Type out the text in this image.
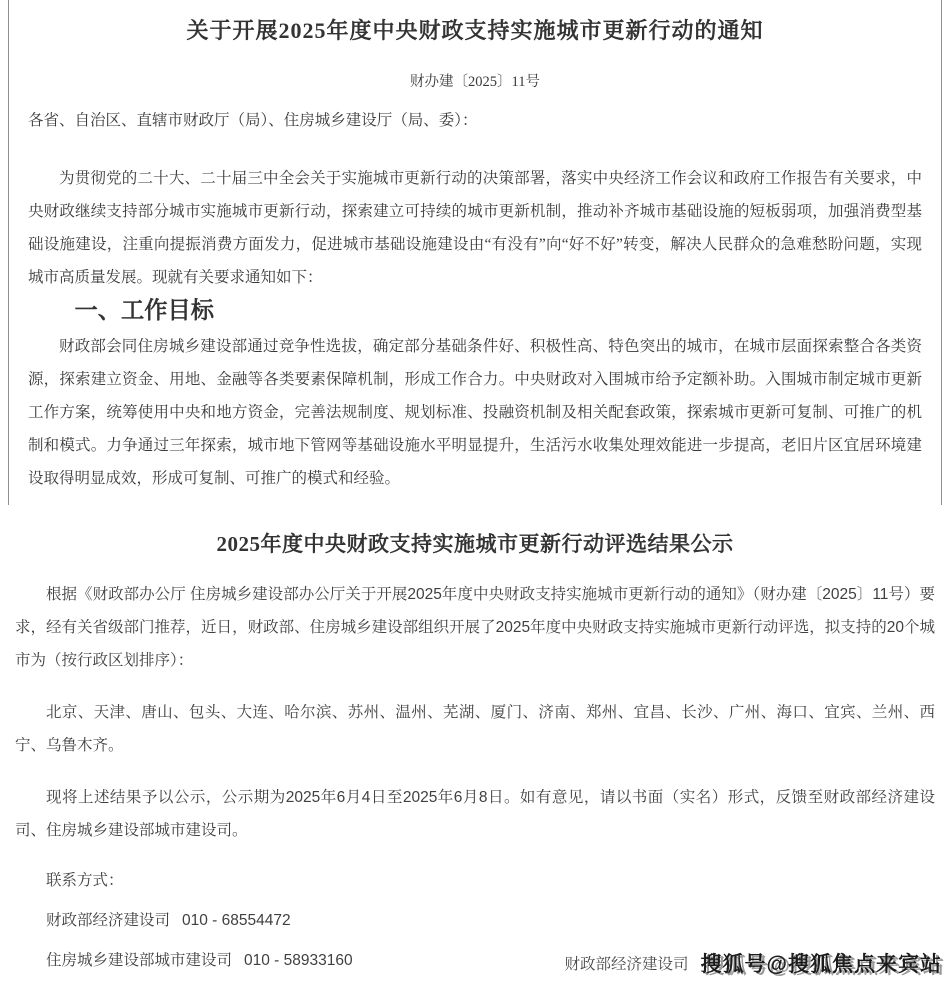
关于开展2025年度中央财政支持实施城市更新行动的通知
财办建〔2025〕11号
各省、自治区、直辖市财政厅（局）、住房城乡建设厅（局、委）：

为贯彻党的二十大、二十届三中全会关于实施城市更新行动的决策部署，落实中央经济工作会议和政府工作报告有关要求，中央财政继续支持部分城市实施城市更新行动，探索建立可持续的城市更新机制，推动补齐城市基础设施的短板弱项，加强消费型基础设施建设，注重向提振消费方面发力，促进城市基础设施建设由“有没有”向“好不好”转变，解决人民群众的急难愁盼问题，实现城市高质量发展。现就有关要求通知如下：

一、工作目标

财政部会同住房城乡建设部通过竞争性选拔，确定部分基础条件好、积极性高、特色突出的城市，在城市层面探索整合各类资源，探索建立资金、用地、金融等各类要素保障机制，形成工作合力。中央财政对入围城市给予定额补助。入围城市制定城市更新工作方案，统筹使用中央和地方资金，完善法规制度、规划标准、投融资机制及相关配套政策，探索城市更新可复制、可推广的机制和模式。力争通过三年探索，城市地下管网等基础设施水平明显提升，生活污水收集处理效能进一步提高，老旧片区宜居环境建设取得明显成效，形成可复制、可推广的模式和经验。

2025年度中央财政支持实施城市更新行动评选结果公示

根据《财政部办公厅 住房城乡建设部办公厅关于开展2025年度中央财政支持实施城市更新行动的通知》（财办建〔2025〕11号）要求，经有关省级部门推荐，近日，财政部、住房城乡建设部组织开展了2025年度中央财政支持实施城市更新行动评选，拟支持的20个城市为（按行政区划排序）：

北京、天津、唐山、包头、大连、哈尔滨、苏州、温州、芜湖、厦门、济南、郑州、宜昌、长沙、广州、海口、宜宾、兰州、西宁、乌鲁木齐。

现将上述结果予以公示，公示期为2025年6月4日至2025年6月8日。如有意见，请以书面（实名）形式，反馈至财政部经济建设司、住房城乡建设部城市建设司。

联系方式：
财政部经济建设司 010 - 68554472
住房城乡建设部城市建设司 010 - 58933160	财政部经济建设司 搜狐号@搜狐焦点来宾站
